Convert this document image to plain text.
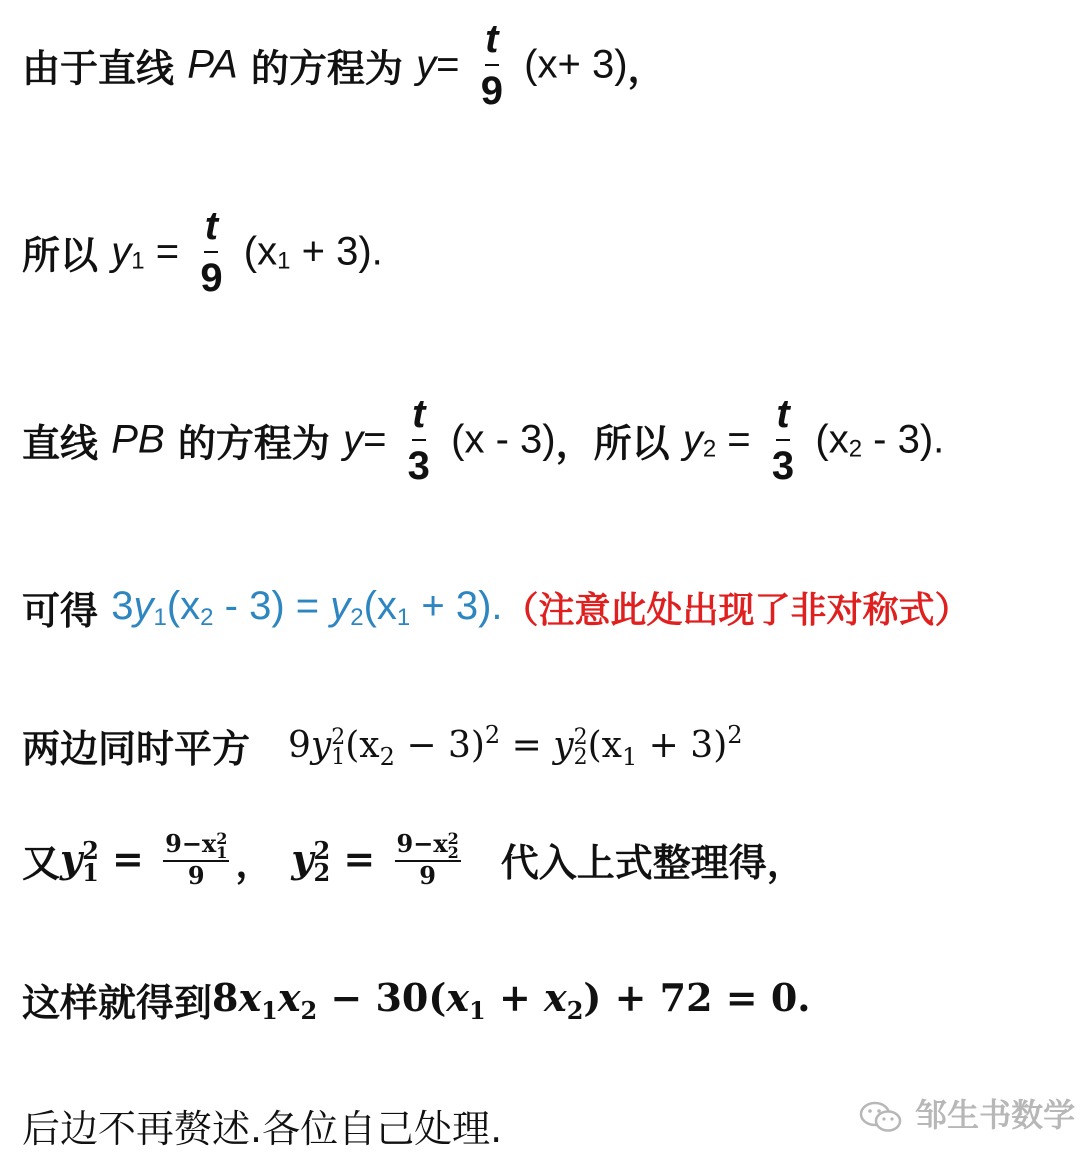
由于直线 PA 的方程为 $y= \frac{t}{9} (x+ 3)$，
所以 $y_1 = \frac{t}{9} (x_1 + 3)$.
直线 PB 的方程为 $y= \frac{t}{3} (x - 3)$，所以 $y_2 = \frac{t}{3} (x_2 - 3)$.
可得 $3y_1(x_2 - 3) = y_2(x_1 + 3)$.（注意此处出现了非对称式）
两边同时平方 9y 2
1 $(x_2 - 3)^2 = y$ 2
2 $(x_1 + 3)^2$
又y 2
1 = 9−x 2
1
9 ， y 2
2 = 9−x 2
2
9 代入上式整理得，
这样就得到$8x_1x_2 - 30(x_1 + x_2) + 72 = 0$.
后边不再赘述.各位自己处理.	邹生书数学
